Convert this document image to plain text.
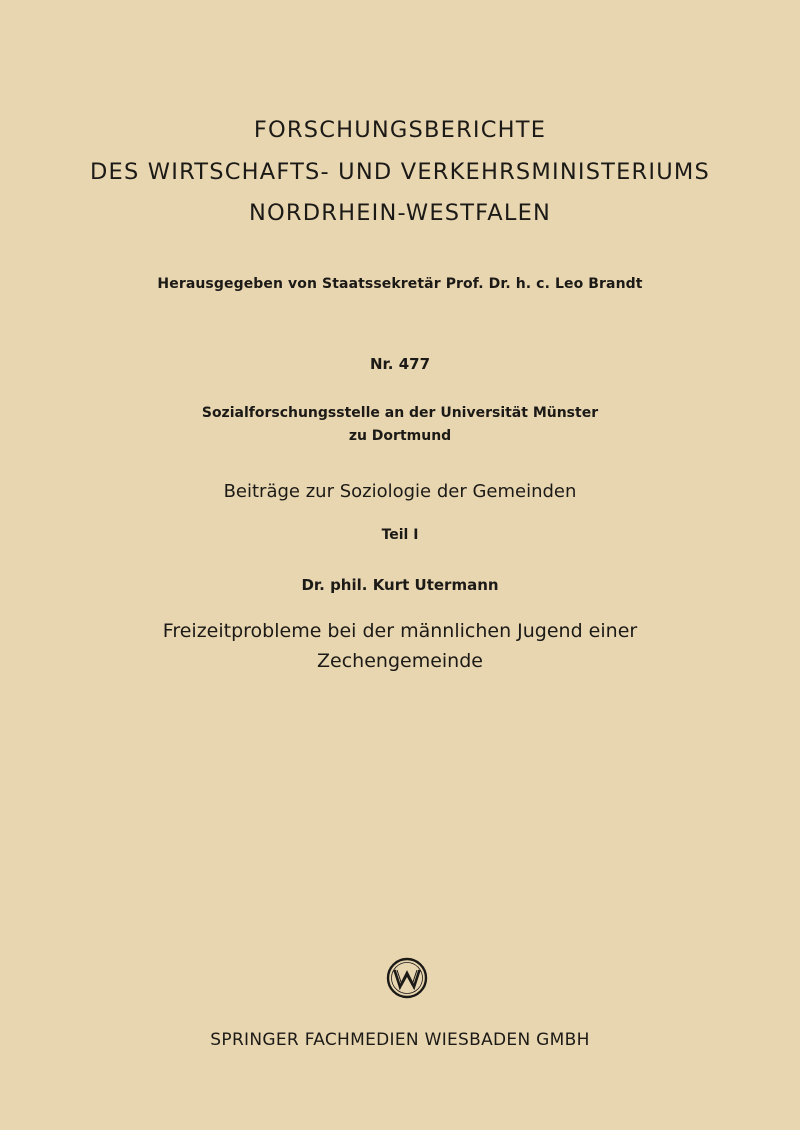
FORSCHUNGSBERICHTE
DES WIRTSCHAFTS- UND VERKEHRSMINISTERIUMS
NORDRHEIN-WESTFALEN
Herausgegeben von Staatssekretär Prof. Dr. h. c. Leo Brandt
Nr. 477
Sozialforschungsstelle an der Universität Münster
zu Dortmund
Beiträge zur Soziologie der Gemeinden
Teil I
Dr. phil. Kurt Utermann
Freizeitprobleme bei der männlichen Jugend einer
Zechengemeinde
SPRINGER FACHMEDIEN WIESBADEN GMBH
